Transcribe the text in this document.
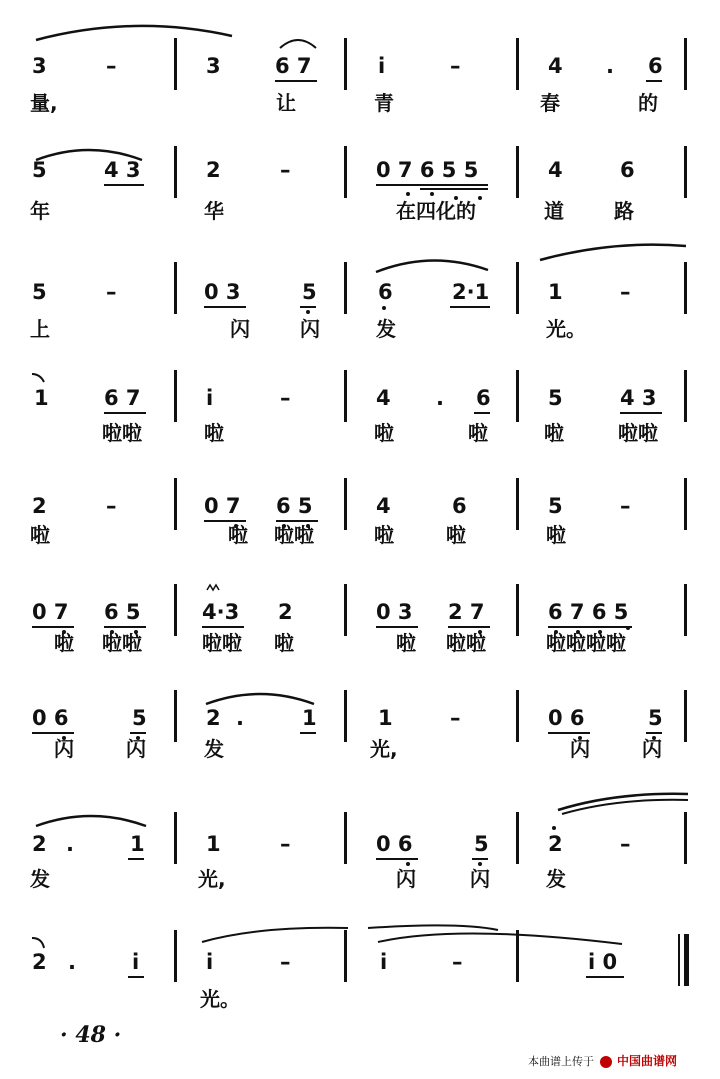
3	–	3	6 7	i	–	4 . 6
量,	让	青	春	的
5	4 3	2	–	0 7 6 5 5	4	6
年	华	在四化的	道	路
5	–	0 3	5	6	2·1	1	–
上	闪	闪	发	光。
1	6 7	i	–	4 . 6	5	4 3
啦啦	啦	啦	啦	啦	啦啦
2	–	0 7 6 5	4	6	5	–
啦	啦 啦啦	啦	啦	啦
0 7 6 5	4·3 2	0 3 2 7	6 7 6 5
啦 啦啦	啦啦 啦	啦 啦啦	啦啦啦啦
0 6	5	2 .	1	1	–	0 6	5
闪	闪	发	光,	闪	闪
2 .	1	1	–	0 6	5	2	–
发	光,	闪	闪	发
2 .	i	i	–	i	–	i 0
光。
· 48 ·
本曲谱上传于 中国曲谱网
